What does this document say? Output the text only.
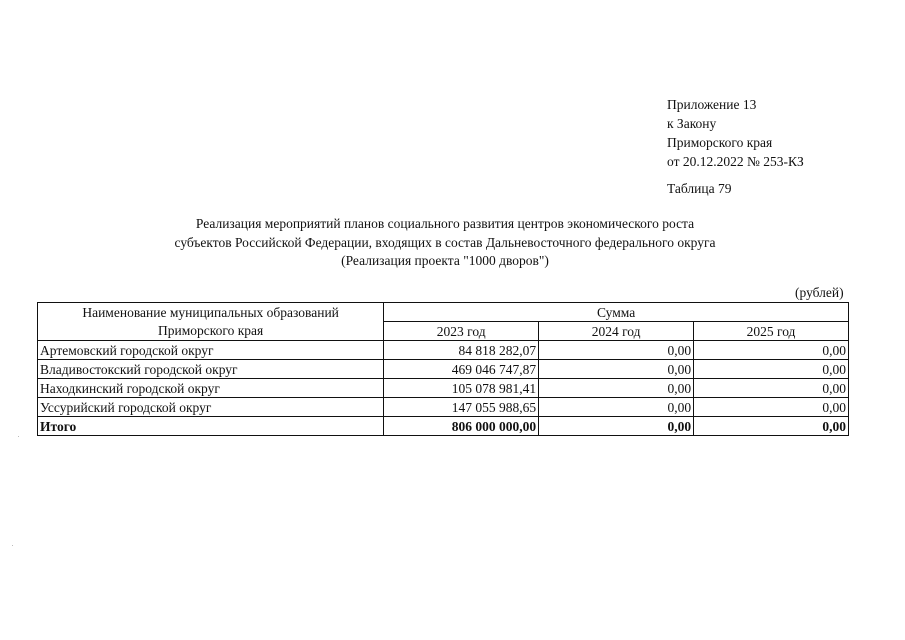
Приложение 13
к Закону
Приморского края
от 20.12.2022 № 253-КЗ
Таблица 79
Реализация мероприятий планов социального развития центров экономического роста
субъектов Российской Федерации, входящих в состав Дальневосточного федерального округа
(Реализация проекта "1000 дворов")
(рублей)
Наименование муниципальных образований
Приморского края	Сумма		
	2023 год	2024 год	2025 год
Артемовский городской округ	84 818 282,07	0,00	0,00
Владивостокский городской округ	469 046 747,87	0,00	0,00
Находкинский городской округ	105 078 981,41	0,00	0,00
Уссурийский городской округ	147 055 988,65	0,00	0,00
Итого	806 000 000,00	0,00	0,00
